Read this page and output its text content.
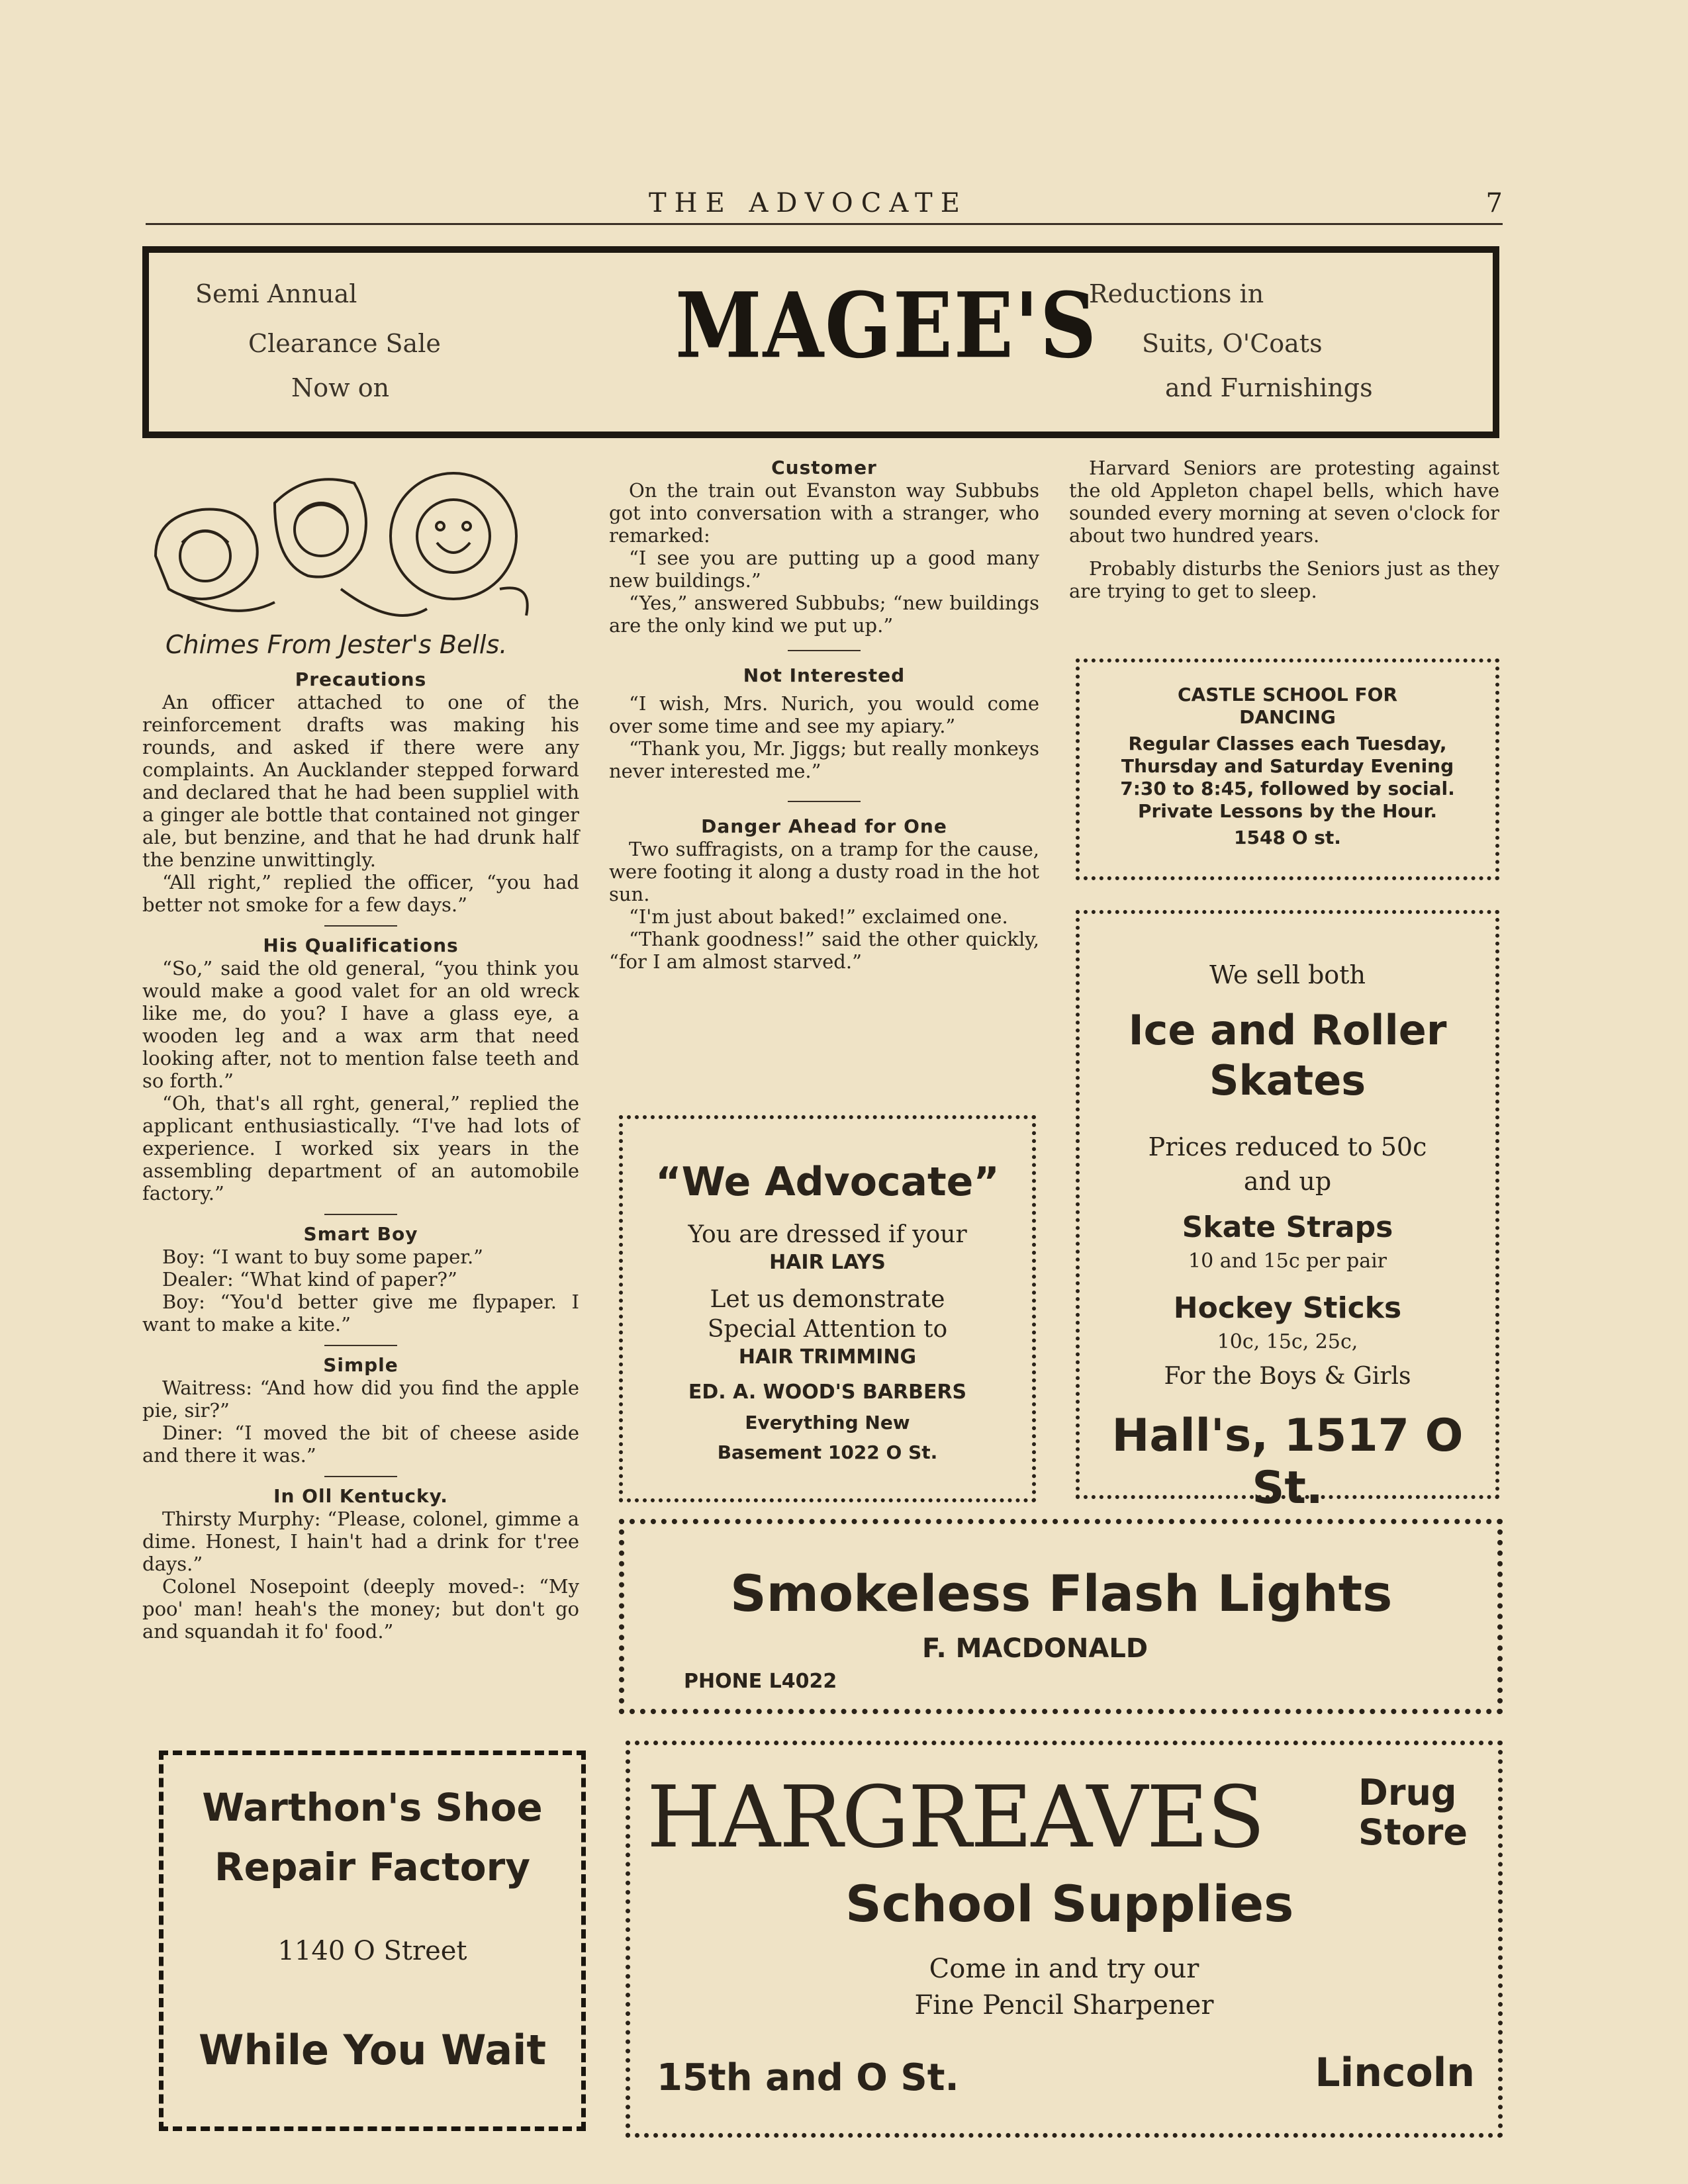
THE ADVOCATE	7
Semi Annual
Clearance Sale
Now on
MAGEE'S
Reductions in
Suits, O'Coats
and Furnishings
Chimes From Jester's Bells.
Precautions

An officer attached to one of the reinforcement drafts was making his rounds, and asked if there were any complaints. An Aucklander stepped forward and declared that he had been suppliel with a ginger ale bottle that contained not ginger ale, but benzine, and that he had drunk half the benzine unwittingly.

“All right,” replied the officer, “you had better not smoke for a few days.”

His Qualifications

“So,” said the old general, “you think you would make a good valet for an old wreck like me, do you? I have a glass eye, a wooden leg and a wax arm that need looking after, not to mention false teeth and so forth.”

“Oh, that's all rght, general,” replied the applicant enthusiastically. “I've had lots of experience. I worked six years in the assembling department of an automobile factory.”

Smart Boy

Boy: “I want to buy some paper.”

Dealer: “What kind of paper?”

Boy: “You'd better give me flypaper. I want to make a kite.”

Simple

Waitress: “And how did you find the apple pie, sir?”

Diner: “I moved the bit of cheese aside and there it was.”

In Oll Kentucky.

Thirsty Murphy: “Please, colonel, gimme a dime. Honest, I hain't had a drink for t'ree days.”

Colonel Nosepoint (deeply moved-: “My poo' man! heah's the money; but don't go and squandah it fo' food.”

Customer

On the train out Evanston way Subbubs got into conversation with a stranger, who remarked:

“I see you are putting up a good many new buildings.”

“Yes,” answered Subbubs; “new buildings are the only kind we put up.”

Not Interested

“I wish, Mrs. Nurich, you would come over some time and see my apiary.”

“Thank you, Mr. Jiggs; but really monkeys never interested me.”

Danger Ahead for One

Two suffragists, on a tramp for the cause, were footing it along a dusty road in the hot sun.

“I'm just about baked!” exclaimed one.

“Thank goodness!” said the other quickly, “for I am almost starved.”

Harvard Seniors are protesting against the old Appleton chapel bells, which have sounded every morning at seven o'clock for about two hundred years.

Probably disturbs the Seniors just as they are trying to get to sleep.

CASTLE SCHOOL FOR
DANCING
Regular Classes each Tuesday,
Thursday and Saturday Evening
7:30 to 8:45, followed by social.
Private Lessons by the Hour.
1548 O st.
We sell both
Ice and Roller
Skates
Prices reduced to 50c
and up
Skate Straps
10 and 15c per pair
Hockey Sticks
10c, 15c, 25c,
For the Boys & Girls
Hall's, 1517 O St.
“We Advocate”
You are dressed if your
HAIR LAYS
Let us demonstrate
Special Attention to
HAIR TRIMMING
ED. A. WOOD'S BARBERS
Everything New
Basement 1022 O St.
Smokeless Flash Lights
F. MACDONALD
PHONE L4022
Warthon's Shoe
Repair Factory
1140 O Street
While You Wait
HARGREAVES	Drug
Store
School Supplies
Come in and try our
Fine Pencil Sharpener
15th and O St.	Lincoln
